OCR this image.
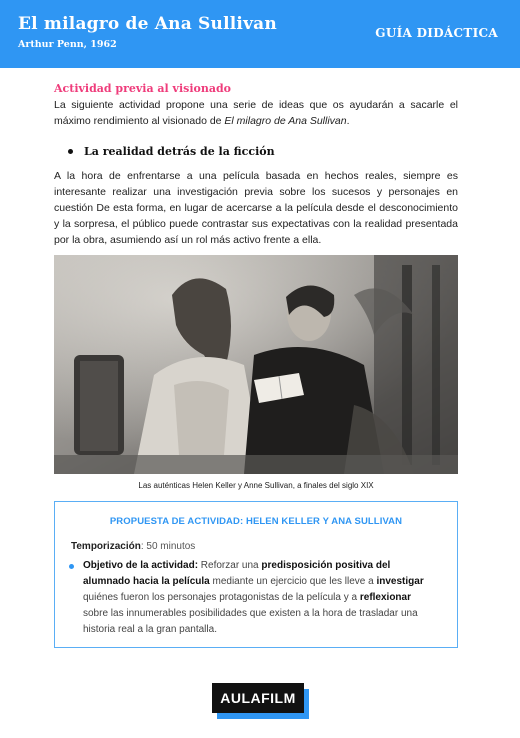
El milagro de Ana Sullivan
Arthur Penn, 1962
GUÍA DIDÁCTICA

Actividad previa al visionado

La siguiente actividad propone una serie de ideas que os ayudarán a sacarle el máximo rendimiento al visionado de El milagro de Ana Sullivan.

La realidad detrás de la ficción

A la hora de enfrentarse a una película basada en hechos reales, siempre es interesante realizar una investigación previa sobre los sucesos y personajes en cuestión De esta forma, en lugar de acercarse a la película desde el desconocimiento y la sorpresa, el público puede contrastar sus expectativas con la realidad presentada por la obra, asumiendo así un rol más activo frente a ella.

Las auténticas Helen Keller y Anne Sullivan, a finales del siglo XIX
PROPUESTA DE ACTIVIDAD: HELEN KELLER Y ANA SULLIVAN
Temporización: 50 minutos
Objetivo de la actividad: Reforzar una predisposición positiva del alumnado hacia la película mediante un ejercicio que les lleve a investigar quiénes fueron los personajes protagonistas de la película y a reflexionar sobre las innumerables posibilidades que existen a la hora de trasladar una historia real a la gran pantalla.
AULAFILM
